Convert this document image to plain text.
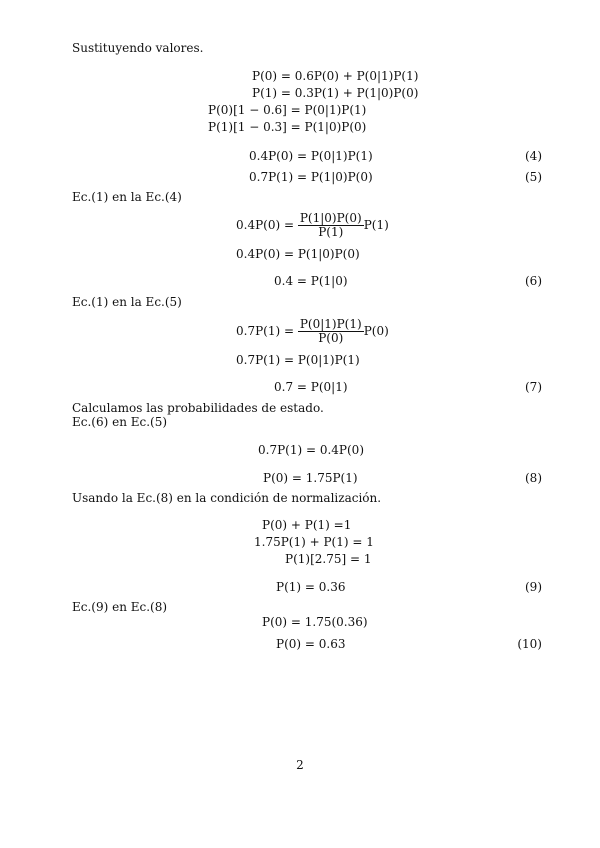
Sustituyendo valores.
P(0) = 0.6P(0) + P(0|1)P(1)
P(1) = 0.3P(1) + P(1|0)P(0)
P(0)[1 − 0.6] = P(0|1)P(1)
P(1)[1 − 0.3] = P(1|0)P(0)
0.4P(0) = P(0|1)P(1)	(4)
0.7P(1) = P(1|0)P(0)	(5)
Ec.(1) en la Ec.(4)
$0.4P(0) = \frac{P(1|0)P(0)}{P(1)} P(1)$
0.4P(0) = P(1|0)P(0)
0.4 = P(1|0)	(6)
Ec.(1) en la Ec.(5)
$0.7P(1) = \frac{P(0|1)P(1)}{P(0)} P(0)$
0.7P(1) = P(0|1)P(1)
0.7 = P(0|1)	(7)
Calculamos las probabilidades de estado.
Ec.(6) en Ec.(5)
0.7P(1) = 0.4P(0)
P(0) = 1.75P(1)	(8)
Usando la Ec.(8) en la condición de normalización.
P(0) + P(1) =1
1.75P(1) + P(1) = 1
P(1)[2.75] = 1
P(1) = 0.36	(9)
Ec.(9) en Ec.(8)
P(0) = 1.75(0.36)
P(0) = 0.63	(10)
2
